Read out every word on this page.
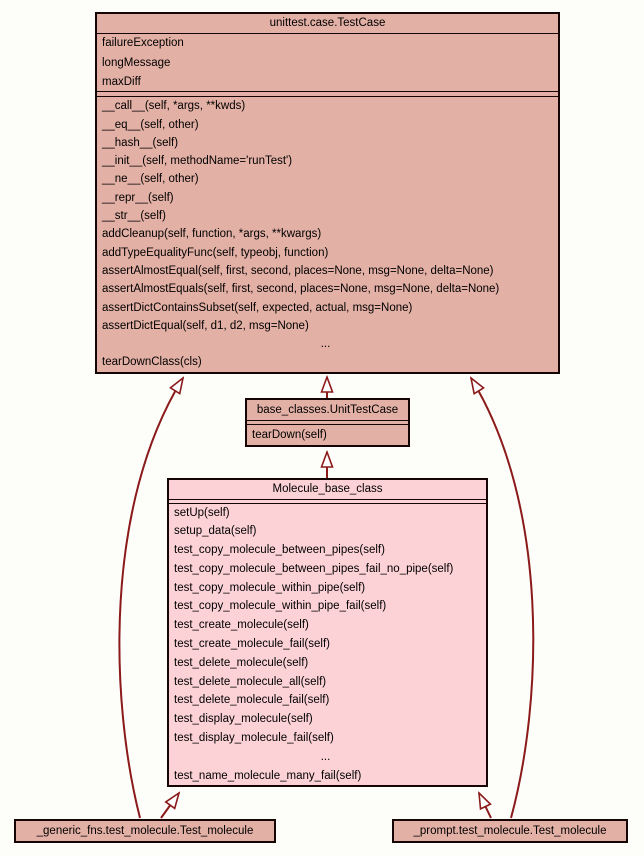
unittest.case.TestCase
failureException
longMessage
maxDiff
__call__(self, *args, **kwds)
__eq__(self, other)
__hash__(self)
__init__(self, methodName='runTest')
__ne__(self, other)
__repr__(self)
__str__(self)
addCleanup(self, function, *args, **kwargs)
addTypeEqualityFunc(self, typeobj, function)
assertAlmostEqual(self, first, second, places=None, msg=None, delta=None)
assertAlmostEquals(self, first, second, places=None, msg=None, delta=None)
assertDictContainsSubset(self, expected, actual, msg=None)
assertDictEqual(self, d1, d2, msg=None)
...
tearDownClass(cls)
base_classes.UnitTestCase
tearDown(self)
Molecule_base_class
setUp(self)
setup_data(self)
test_copy_molecule_between_pipes(self)
test_copy_molecule_between_pipes_fail_no_pipe(self)
test_copy_molecule_within_pipe(self)
test_copy_molecule_within_pipe_fail(self)
test_create_molecule(self)
test_create_molecule_fail(self)
test_delete_molecule(self)
test_delete_molecule_all(self)
test_delete_molecule_fail(self)
test_display_molecule(self)
test_display_molecule_fail(self)
...
test_name_molecule_many_fail(self)
_generic_fns.test_molecule.Test_molecule	_prompt.test_molecule.Test_molecule
